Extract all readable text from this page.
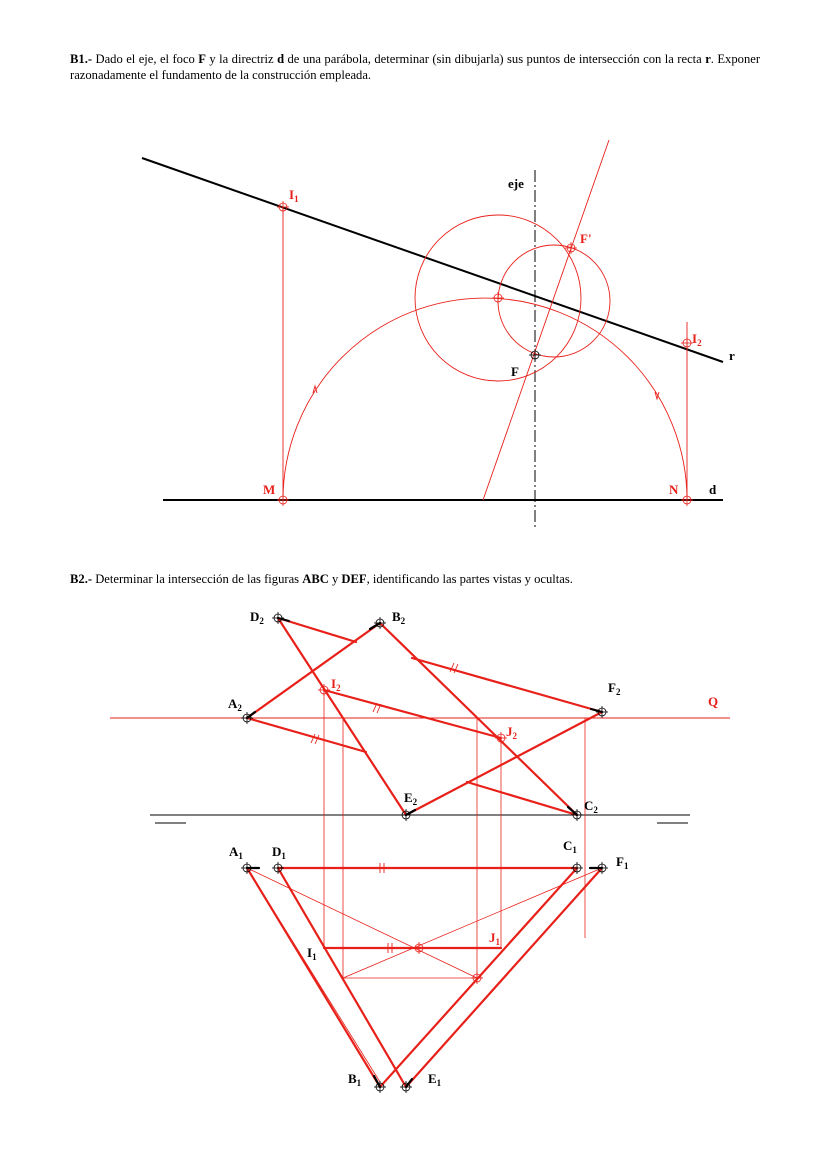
B1.- Dado el eje, el foco F y la directriz d de una parábola, determinar (sin dibujarla) sus puntos de intersección con la recta r. Exponer razonadamente el fundamento de la construcción empleada.
B2.- Determinar la intersección de las figuras ABC y DEF, identificando las partes vistas y ocultas.
eje
F
F'
$I_1$
$I_2$
M	N d
r
$D_2$	$B_2$
$A_2$
$I_2$	$F_2$
$J_2$
$E_2$	$C_2$
Q
$A_1$ $D_1$
$C_1$
$F_1$
$I_1$
$J_1$
$B_1$	$E_1$
